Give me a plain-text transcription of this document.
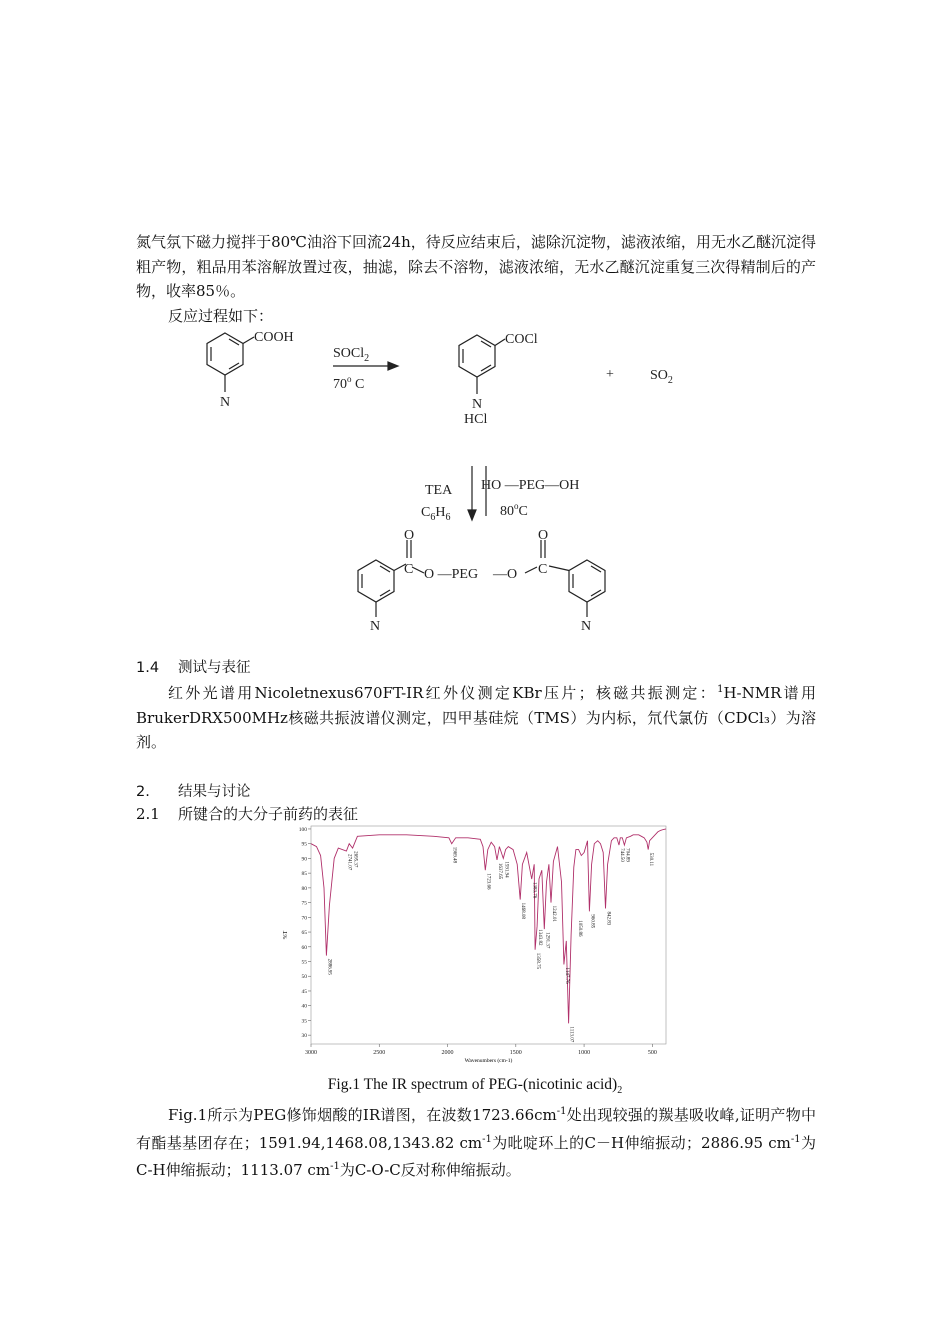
氮气氛下磁力搅拌于80℃油浴下回流24h，待反应结束后，滤除沉淀物，滤液浓缩，用无水乙醚沉淀得粗产物，粗品用苯溶解放置过夜，抽滤，除去不溶物，滤液浓缩，无水乙醚沉淀重复三次得精制后的产物，收率85％。

反应过程如下：

COOH
N
SOCl$_2$
70$^o$ C
COCl
N
HCl
+	$SO_2$
TEA
$C_6H_6$
HO —PEG—OH
80$^o$C
O
C O —PEG —O
O
C
N	N

1.4 测试与表征

红外光谱用Nicoletnexus670FT-IR红外仪测定KBr压片；核磁共振测定：$^1$H-NMR谱用BrukerDRX500MHz核磁共振波谱仪测定，四甲基硅烷（TMS）为内标，氘代氯仿（CDCl₃）为溶剂。

2. 结果与讨论

2.1 所键合的大分子前药的表征

3000	2500	2000	1500	1000	500
100
95
90
85
80
75
70
65
60
55
50
45
40
35
30
2886.95
2741.07 2695.37	1969.48
1723.66
1637.65 1591.94
1468.08
1383.76
1358.75
1343.82 1291.37
1242.01
1147.76
1113.07
1050.86 960.85 842.83
744.50 704.89	530.11
Wavenumbers (cm-1)
%T

Fig.1 The IR spectrum of PEG-(nicotinic $acid)_2$

Fig.1所示为PEG修饰烟酸的IR谱图，在波数$1723.66cm^{-1}$处出现较强的羰基吸收峰,证明产物中有酯基基团存在；1591.94,1468.08,1343.82 $cm^{-1}$为吡啶环上的C－H伸缩振动；2886.95 $cm^{-1}$为C-H伸缩振动；1113.07 $cm^{-1}$为C-O-C反对称伸缩振动。
